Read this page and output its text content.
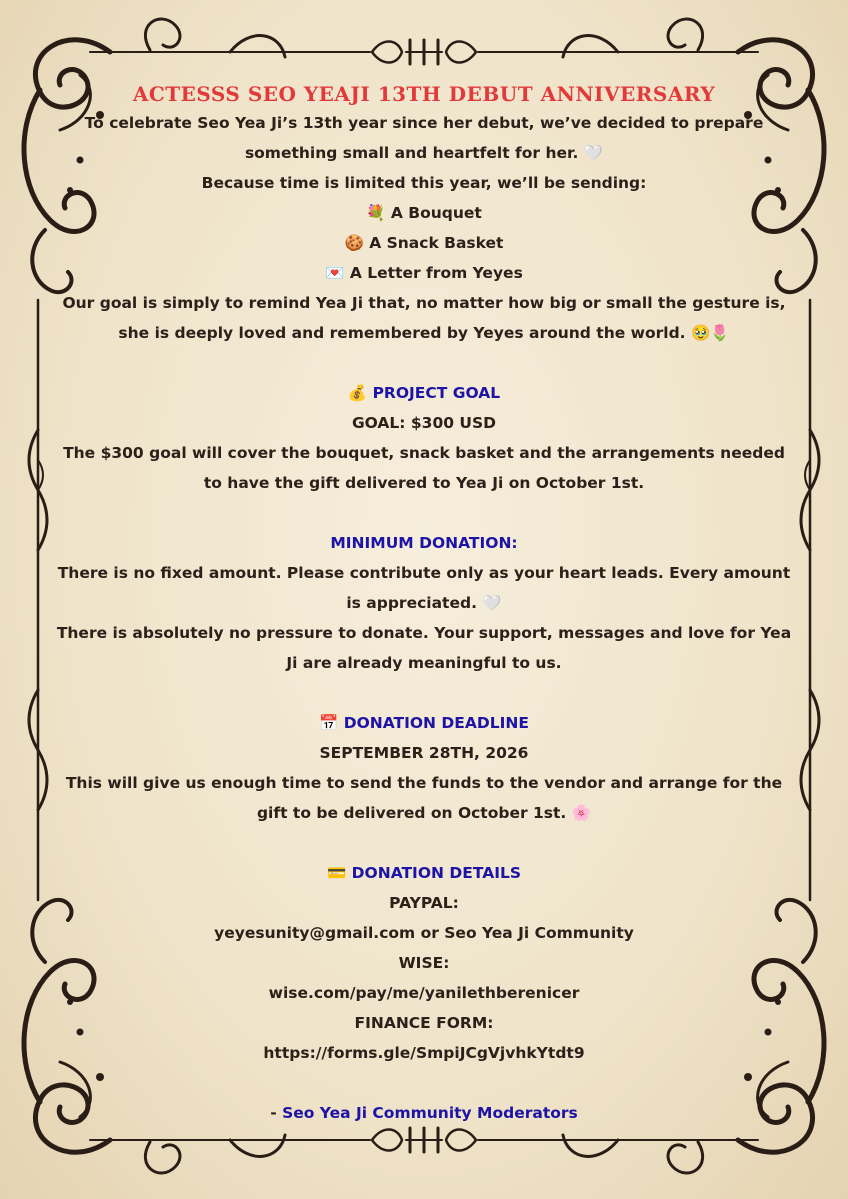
ACTESSS SEO YEAJI 13TH DEBUT ANNIVERSARY

To celebrate Seo Yea Ji’s 13th year since her debut, we’ve decided to prepare something small and heartfelt for her. 🤍

Because time is limited this year, we’ll be sending:

💐 A Bouquet

🍪 A Snack Basket

💌 A Letter from Yeyes

Our goal is simply to remind Yea Ji that, no matter how big or small the gesture is, she is deeply loved and remembered by Yeyes around the world. 🥹🌷

💰 PROJECT GOAL

GOAL: $300 USD

The $300 goal will cover the bouquet, snack basket and the arrangements needed to have the gift delivered to Yea Ji on October 1st.

MINIMUM DONATION:

There is no fixed amount. Please contribute only as your heart leads. Every amount is appreciated. 🤍

There is absolutely no pressure to donate. Your support, messages and love for Yea Ji are already meaningful to us.

📅 DONATION DEADLINE

SEPTEMBER 28TH, 2026

This will give us enough time to send the funds to the vendor and arrange for the gift to be delivered on October 1st. 🌸

💳 DONATION DETAILS

PAYPAL:

yeyesunity@gmail.com or Seo Yea Ji Community

WISE:

wise.com/pay/me/yanilethberenicer

FINANCE FORM:

https://forms.gle/SmpiJCgVjvhkYtdt9

- Seo Yea Ji Community Moderators
